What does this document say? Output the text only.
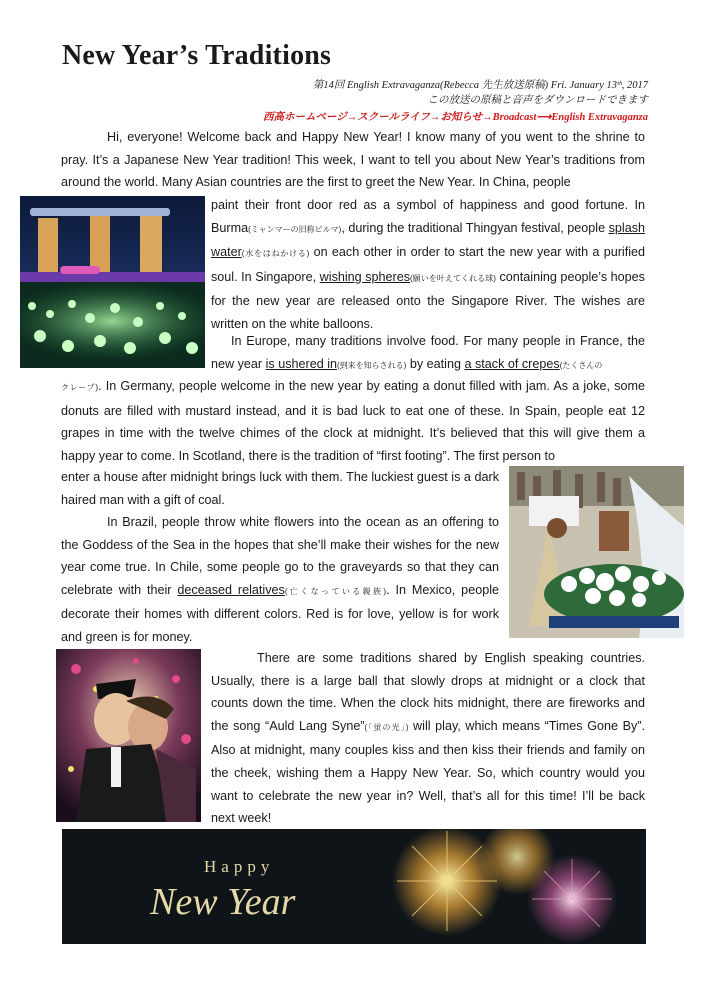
New Year’s Traditions
第14回 English Extravaganza(Rebecca 先生放送原稿) Fri. January 13ᵗʰ, 2017
この放送の原稿と音声をダウンロードできます
西高ホームページ→スクールライフ→お知らせ→Broadcast⟶English Extravaganza
Hi, everyone! Welcome back and Happy New Year! I know many of you went to the shrine to pray. It’s a Japanese New Year tradition! This week, I want to tell you about New Year’s traditions from around the world. Many Asian countries are the first to greet the New Year. In China, people
paint their front door red as a symbol of happiness and good fortune. In Burma(ミャンマーの旧称ビルマ), during the traditional Thingyan festival, people splash water(水をはねかける) on each other in order to start the new year with a purified soul. In Singapore, wishing spheres(願いを叶えてくれる球) containing people’s hopes for the new year are released onto the Singapore River. The wishes are written on the white balloons.
In Europe, many traditions involve food. For many people in France, the new year is ushered in(到来を知らされる) by eating a stack of crepes(たくさんの
クレープ). In Germany, people welcome in the new year by eating a donut filled with jam. As a joke, some donuts are filled with mustard instead, and it is bad luck to eat one of these. In Spain, people eat 12 grapes in time with the twelve chimes of the clock at midnight. It’s believed that this will give them a happy year to come. In Scotland, there is the tradition of “first footing”. The first person to
enter a house after midnight brings luck with them. The luckiest guest is a dark haired man with a gift of coal.
In Brazil, people throw white flowers into the ocean as an offering to the Goddess of the Sea in the hopes that she’ll make their wishes for the new year come true. In Chile, some people go to the graveyards so that they can celebrate with their deceased relatives(亡くなっている親族). In Mexico, people decorate their homes with different colors. Red is for love, yellow is for work and green is for money.
There are some traditions shared by English speaking countries. Usually, there is a large ball that slowly drops at midnight or a clock that counts down the time. When the clock hits midnight, there are fireworks and the song “Auld Lang Syne”(「蛍の光」) will play, which means “Times Gone By”. Also at midnight, many couples kiss and then kiss their friends and family on the cheek, wishing them a Happy New Year. So, which country would you want to celebrate the new year in? Well, that’s all for this time! I’ll be back next week!
Happy
New Year
